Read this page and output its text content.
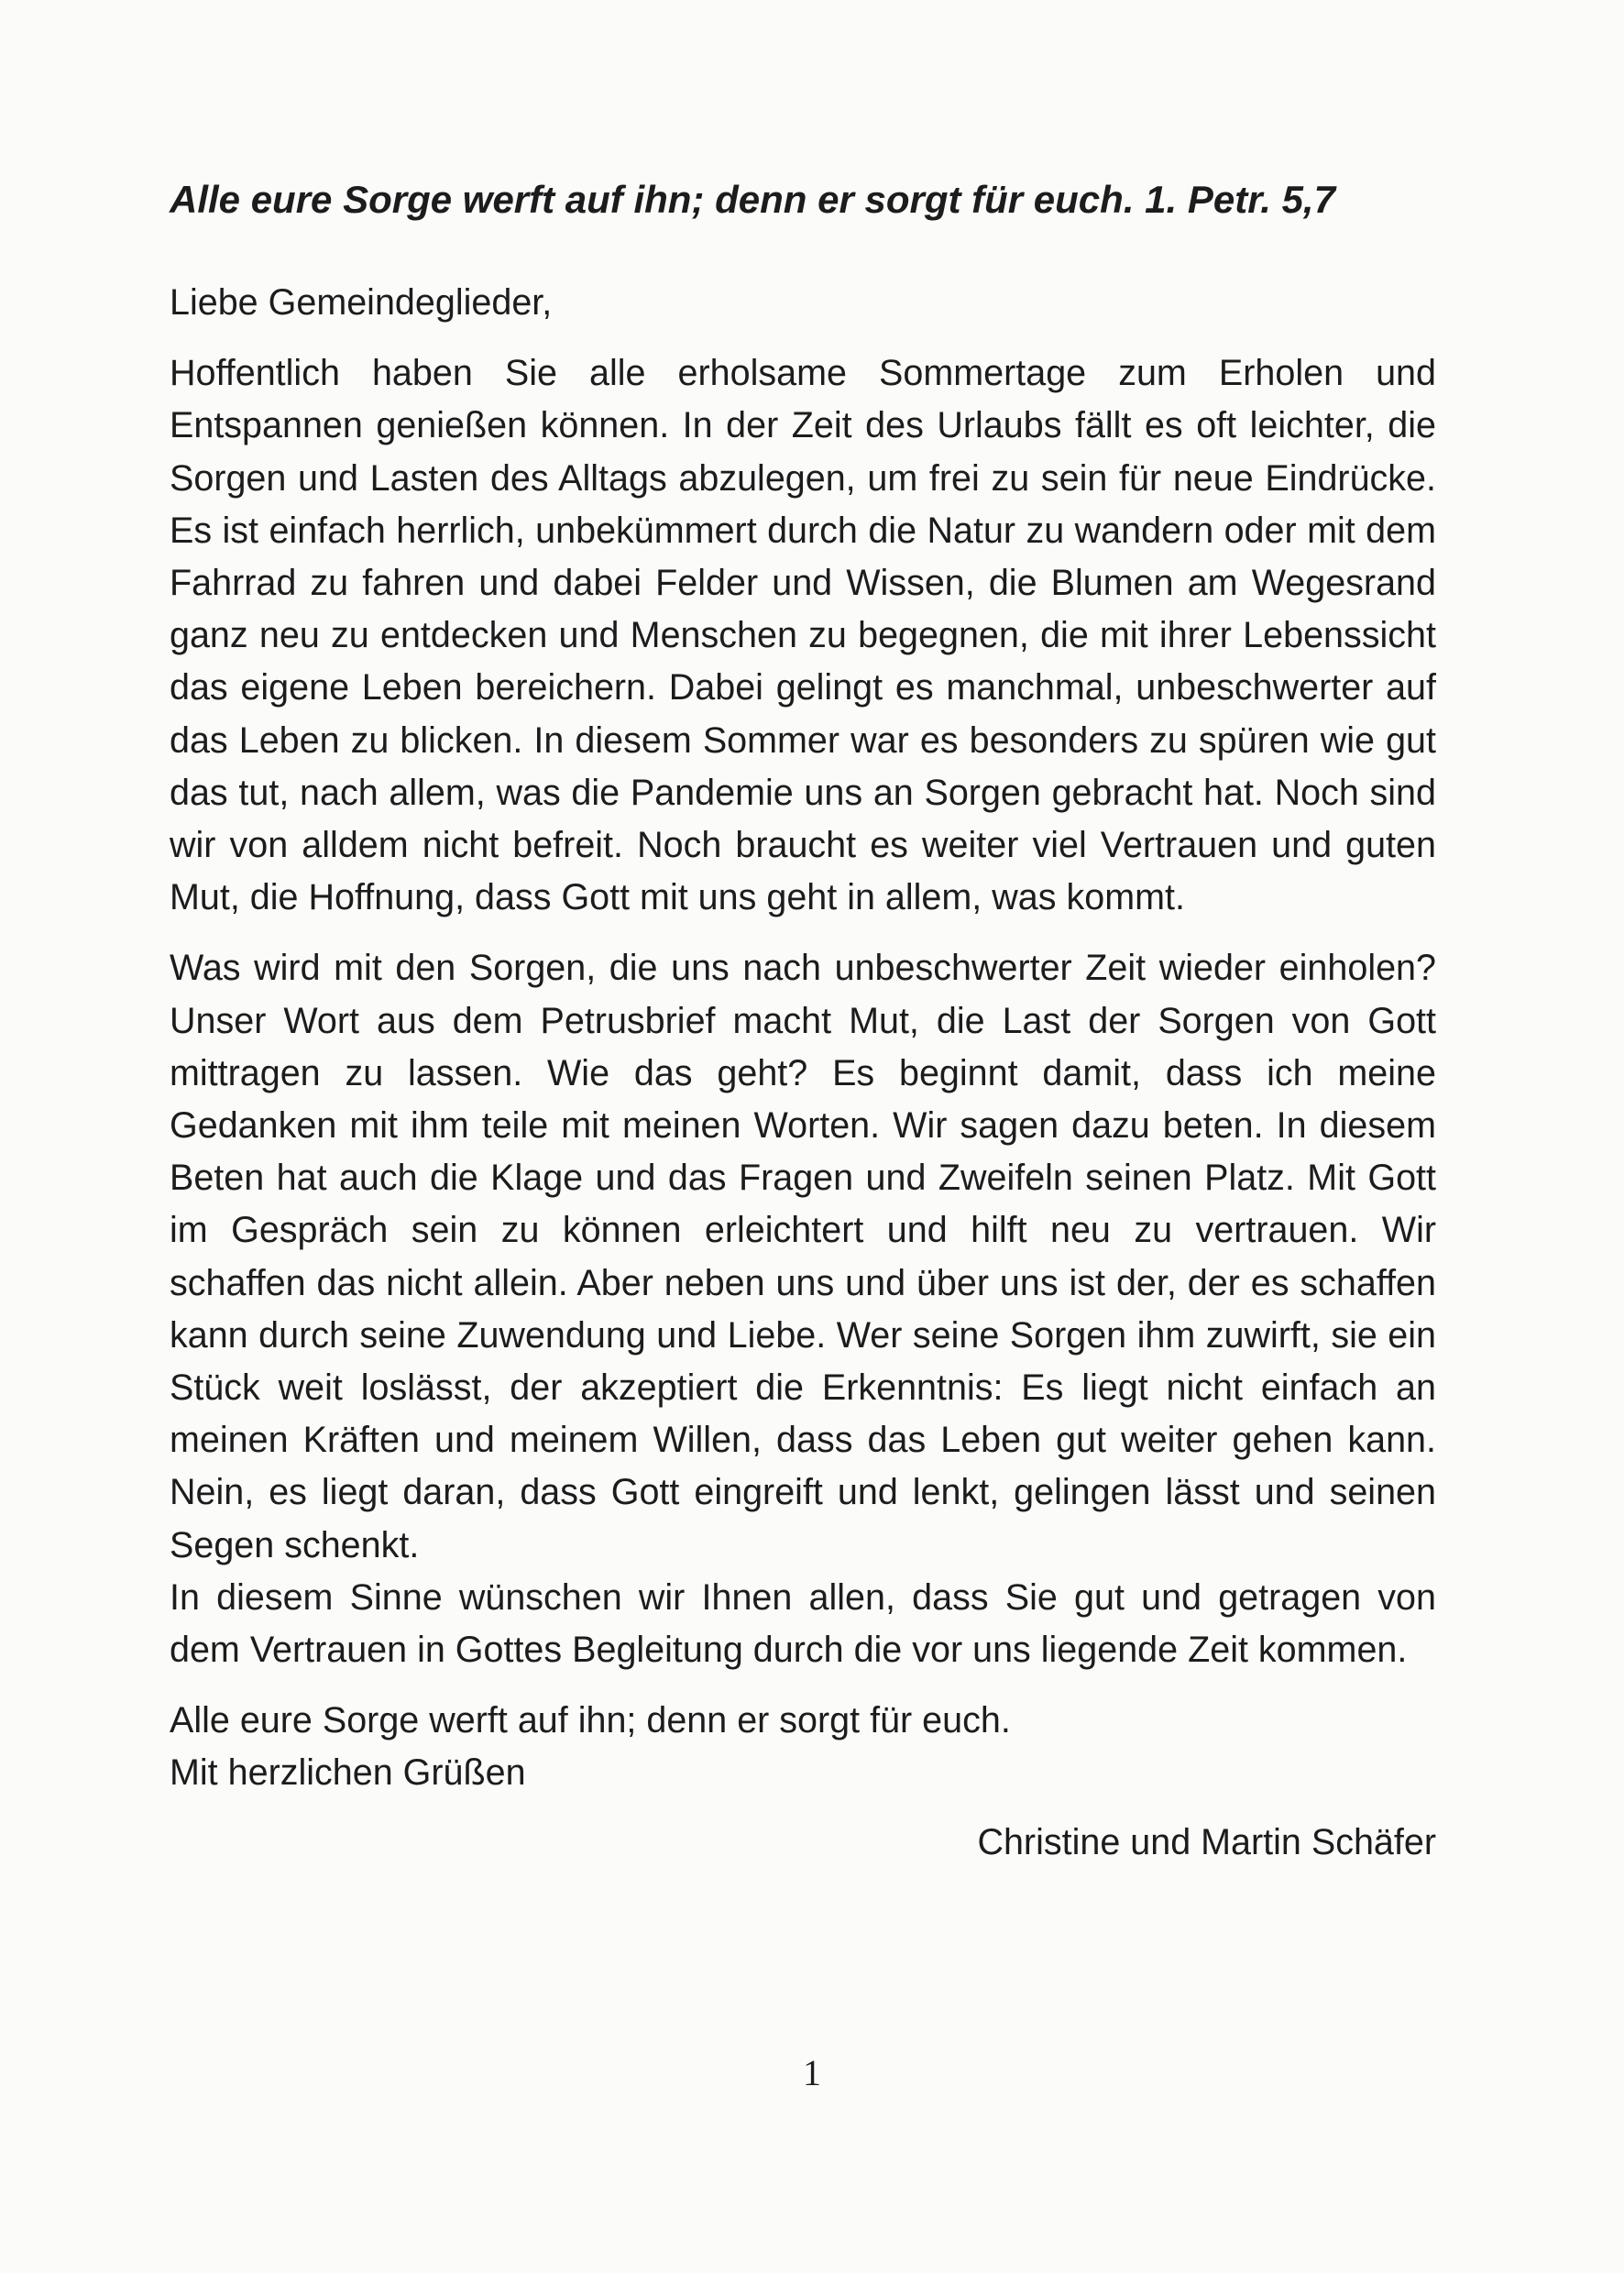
Alle eure Sorge werft auf ihn; denn er sorgt für euch. 1. Petr. 5,7

Liebe Gemeindeglieder,

Hoffentlich haben Sie alle erholsame Sommertage zum Erholen und Entspannen genießen können. In der Zeit des Urlaubs fällt es oft leichter, die Sorgen und Lasten des Alltags abzulegen, um frei zu sein für neue Eindrücke. Es ist einfach herrlich, unbekümmert durch die Natur zu wandern oder mit dem Fahrrad zu fahren und dabei Felder und Wissen, die Blumen am Wegesrand ganz neu zu entdecken und Menschen zu begegnen, die mit ihrer Lebenssicht das eigene Leben bereichern. Dabei gelingt es manchmal, unbeschwerter auf das Leben zu blicken. In diesem Sommer war es besonders zu spüren wie gut das tut, nach allem, was die Pandemie uns an Sorgen gebracht hat. Noch sind wir von alldem nicht befreit. Noch braucht es weiter viel Vertrauen und guten Mut, die Hoffnung, dass Gott mit uns geht in allem, was kommt.

Was wird mit den Sorgen, die uns nach unbeschwerter Zeit wieder einholen? Unser Wort aus dem Petrusbrief macht Mut, die Last der Sorgen von Gott mittragen zu lassen. Wie das geht? Es beginnt damit, dass ich meine Gedanken mit ihm teile mit meinen Worten. Wir sagen dazu beten. In diesem Beten hat auch die Klage und das Fragen und Zweifeln seinen Platz. Mit Gott im Gespräch sein zu können erleichtert und hilft neu zu vertrauen. Wir schaffen das nicht allein. Aber neben uns und über uns ist der, der es schaffen kann durch seine Zuwendung und Liebe. Wer seine Sorgen ihm zuwirft, sie ein Stück weit loslässt, der akzeptiert die Erkenntnis: Es liegt nicht einfach an meinen Kräften und meinem Willen, dass das Leben gut weiter gehen kann. Nein, es liegt daran, dass Gott eingreift und lenkt, gelingen lässt und seinen Segen schenkt.

In diesem Sinne wünschen wir Ihnen allen, dass Sie gut und getragen von dem Vertrauen in Gottes Begleitung durch die vor uns liegende Zeit kommen.

Alle eure Sorge werft auf ihn; denn er sorgt für euch.

Mit herzlichen Grüßen

Christine und Martin Schäfer

1
